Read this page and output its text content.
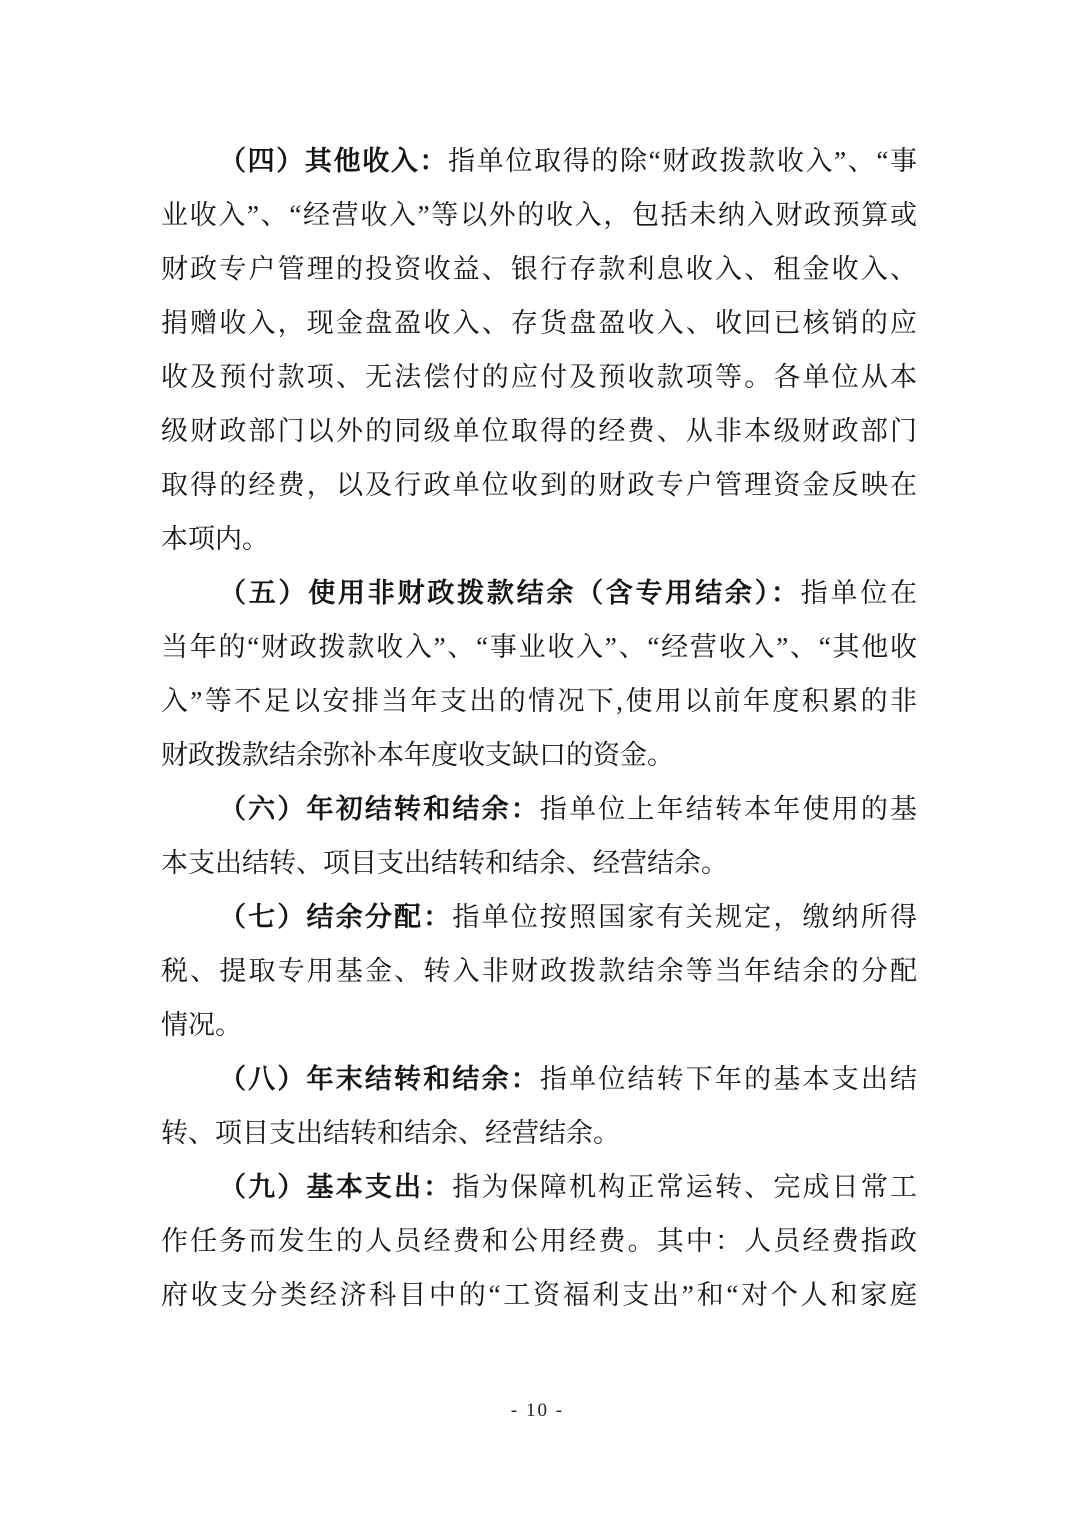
（四）其他收入：指单位取得的除“财政拨款收入”、“事
业收入”、“经营收入”等以外的收入，包括未纳入财政预算或
财政专户管理的投资收益、银行存款利息收入、租金收入、
捐赠收入，现金盘盈收入、存货盘盈收入、收回已核销的应
收及预付款项、无法偿付的应付及预收款项等。各单位从本
级财政部门以外的同级单位取得的经费、从非本级财政部门
取得的经费，以及行政单位收到的财政专户管理资金反映在
本项内。
（五）使用非财政拨款结余（含专用结余）：指单位在
当年的“财政拨款收入”、“事业收入”、“经营收入”、“其他收
入”等不足以安排当年支出的情况下,使用以前年度积累的非
财政拨款结余弥补本年度收支缺口的资金。
（六）年初结转和结余：指单位上年结转本年使用的基
本支出结转、项目支出结转和结余、经营结余。
（七）结余分配：指单位按照国家有关规定，缴纳所得
税、提取专用基金、转入非财政拨款结余等当年结余的分配
情况。
（八）年末结转和结余：指单位结转下年的基本支出结
转、项目支出结转和结余、经营结余。
（九）基本支出：指为保障机构正常运转、完成日常工
作任务而发生的人员经费和公用经费。其中：人员经费指政
府收支分类经济科目中的“工资福利支出”和“对个人和家庭
- 10 -
